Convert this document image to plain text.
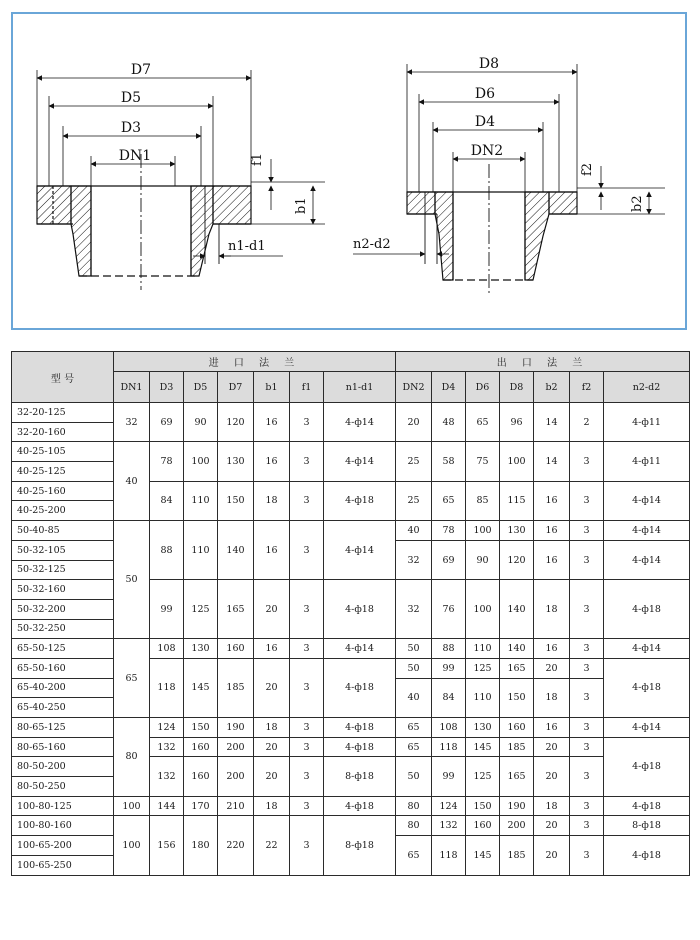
D7
D5
D3
DN1	f1
b1
n1-d1
D8
D6
D4
DN2
f2
b2
n2-d2
型 号	进 口 法 兰							出 口 法 兰						
	DN1	D3	D5	D7	b1	f1	n1-d1	DN2	D4	D6	D8	b2	f2	n2-d2
32-20-125	32	69	90	120	16	3	4-ф14	20	48	65	96	14	2	4-ф11
32-20-160														
40-25-105	40	78	100	130	16	3	4-ф14	25	58	75	100	14	3	4-ф11
40-25-125														
40-25-160		84	110	150	18	3	4-ф18	25	65	85	115	16	3	4-ф14
40-25-200														
50-40-85	50	88	110	140	16	3	4-ф14	40	78	100	130	16	3	4-ф14
50-32-105								32	69	90	120	16	3	4-ф14
50-32-125														
50-32-160		99	125	165	20	3	4-ф18	32	76	100	140	18	3	4-ф18
50-32-200														
50-32-250														
65-50-125	65	108	130	160	16	3	4-ф14	50	88	110	140	16	3	4-ф14
65-50-160		118	145	185	20	3	4-ф18	50	99	125	165	20	3	4-ф18
65-40-200								40	84	110	150	18	3	
65-40-250														
80-65-125	80	124	150	190	18	3	4-ф18	65	108	130	160	16	3	4-ф14
80-65-160		132	160	200	20	3	4-ф18	65	118	145	185	20	3	4-ф18
80-50-200		132	160	200	20	3	8-ф18	50	99	125	165	20	3	
80-50-250														
100-80-125	100	144	170	210	18	3	4-ф18	80	124	150	190	18	3	4-ф18
100-80-160	100	156	180	220	22	3	8-ф18	80	132	160	200	20	3	8-ф18
100-65-200								65	118	145	185	20	3	4-ф18
100-65-250														
